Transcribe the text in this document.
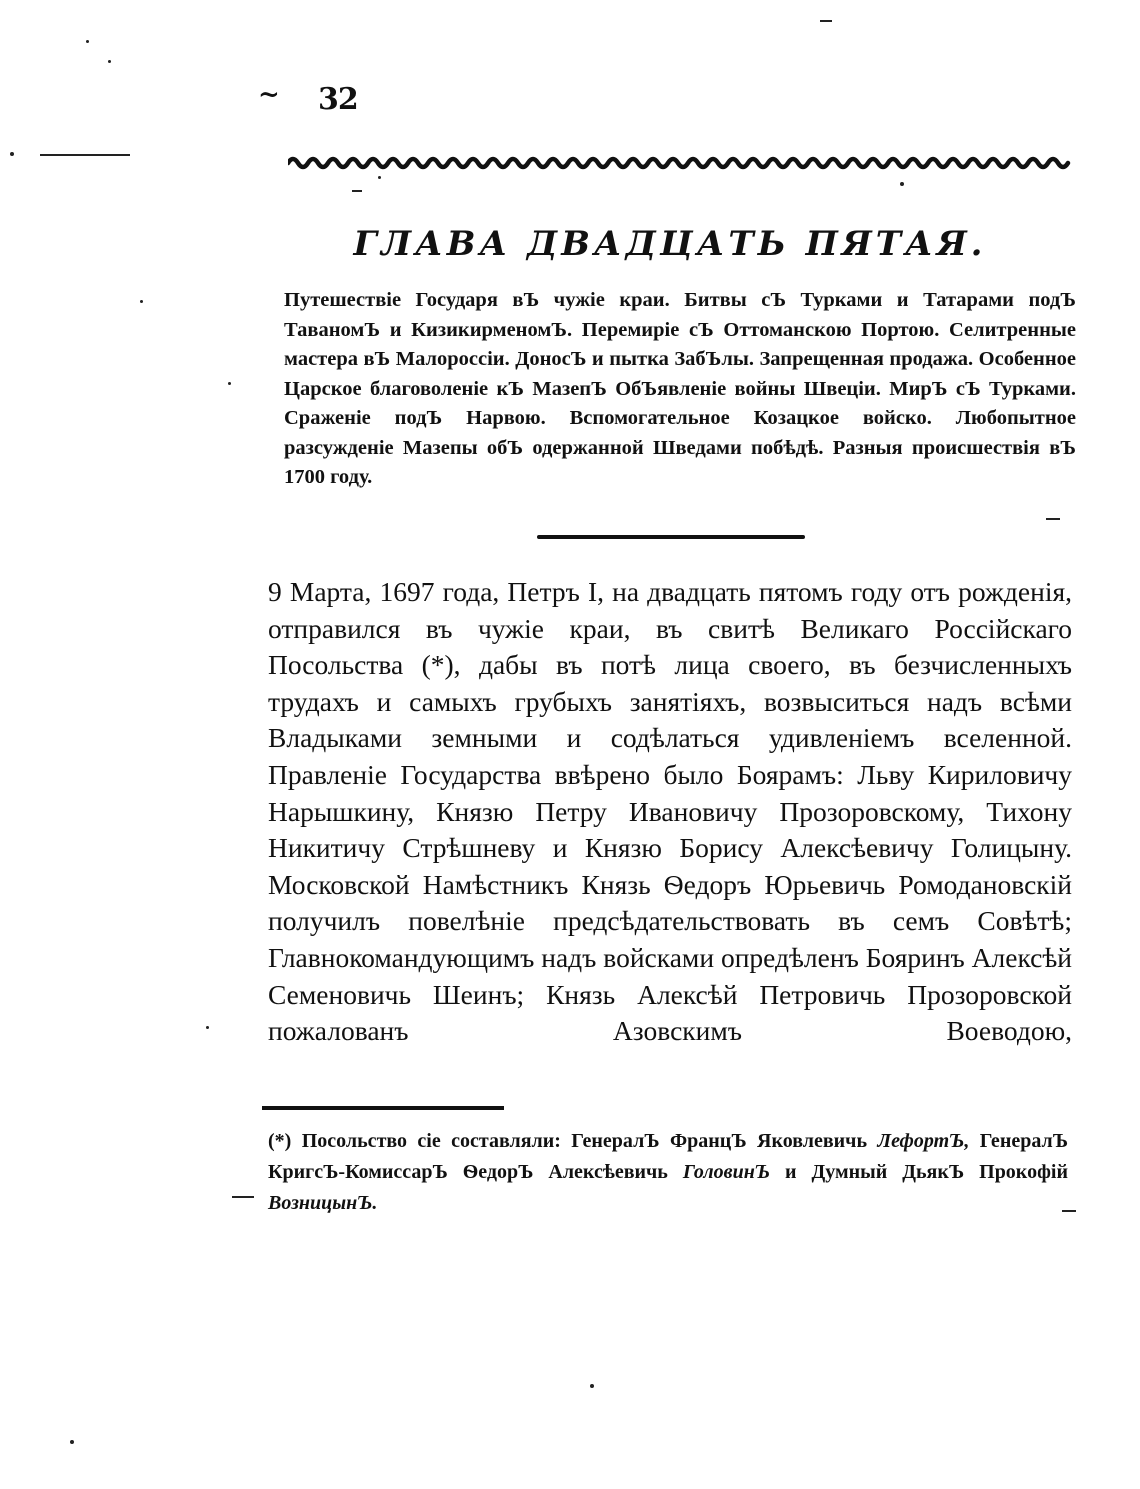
~ 32
ГЛАВА ДВАДЦАТЬ ПЯТАЯ.
Путешествіе Государя вЪ чужіе краи. Битвы cЪ Турками и Татарами подЪ ТаваномЪ и КизикирменомЪ. Перемиріе cЪ Оттоманскою Портою. Селитренные мастера вЪ Малороссіи. ДоносЪ и пытка ЗабЪлы. Запрещенная продажа. Особенное Царское благоволеніе кЪ МазепЪ ОбЪявленіе войны Швеціи. МирЪ cЪ Турками. Сраженіе подЪ Нарвою. Вспомогательное Козацкое войско. Любопытное разсужденіе Мазепы обЪ одержанной Шведами побѣдѣ. Разныя происшествія вЪ 1700 году.
9 Марта, 1697 года, Петръ I, на двадцать пятомъ году отъ рожденія, отправился въ чужіе краи, въ свитѣ Великаго Россійскаго Посольства (*), дабы въ потѣ лица своего, въ безчисленныхъ трудахъ и самыхъ грубыхъ занятіяхъ, возвыситься надъ всѣми Владыками земными и содѣлаться удивленіемъ вселенной. Правленіе Государства ввѣрено было Боярамъ: Льву Кириловичу Нарышкину, Князю Петру Ивановичу Прозоровскому, Тихону Никитичу Стрѣшневу и Князю Борису Алексѣевичу Голицыну. Московской Намѣстникъ Князь Ѳедоръ Юрьевичь Ромодановскій получилъ повелѣніе предсѣдательствовать въ семъ Совѣтѣ; Главнокомандующимъ надъ войсками опредѣленъ Бояринъ Алексѣй Семеновичь Шеинъ; Князь Алексѣй Петровичь Прозоровской пожалованъ Азовскимъ Воеводою,
(*) Посольство сіе составляли: ГенералЪ ФранцЪ Яковлевичь ЛефортЪ, ГенералЪ КригсЪ-КомиссарЪ ѲедорЪ Алексѣевичь ГоловинЪ и Думный ДьякЪ Прокофій ВозницынЪ.
